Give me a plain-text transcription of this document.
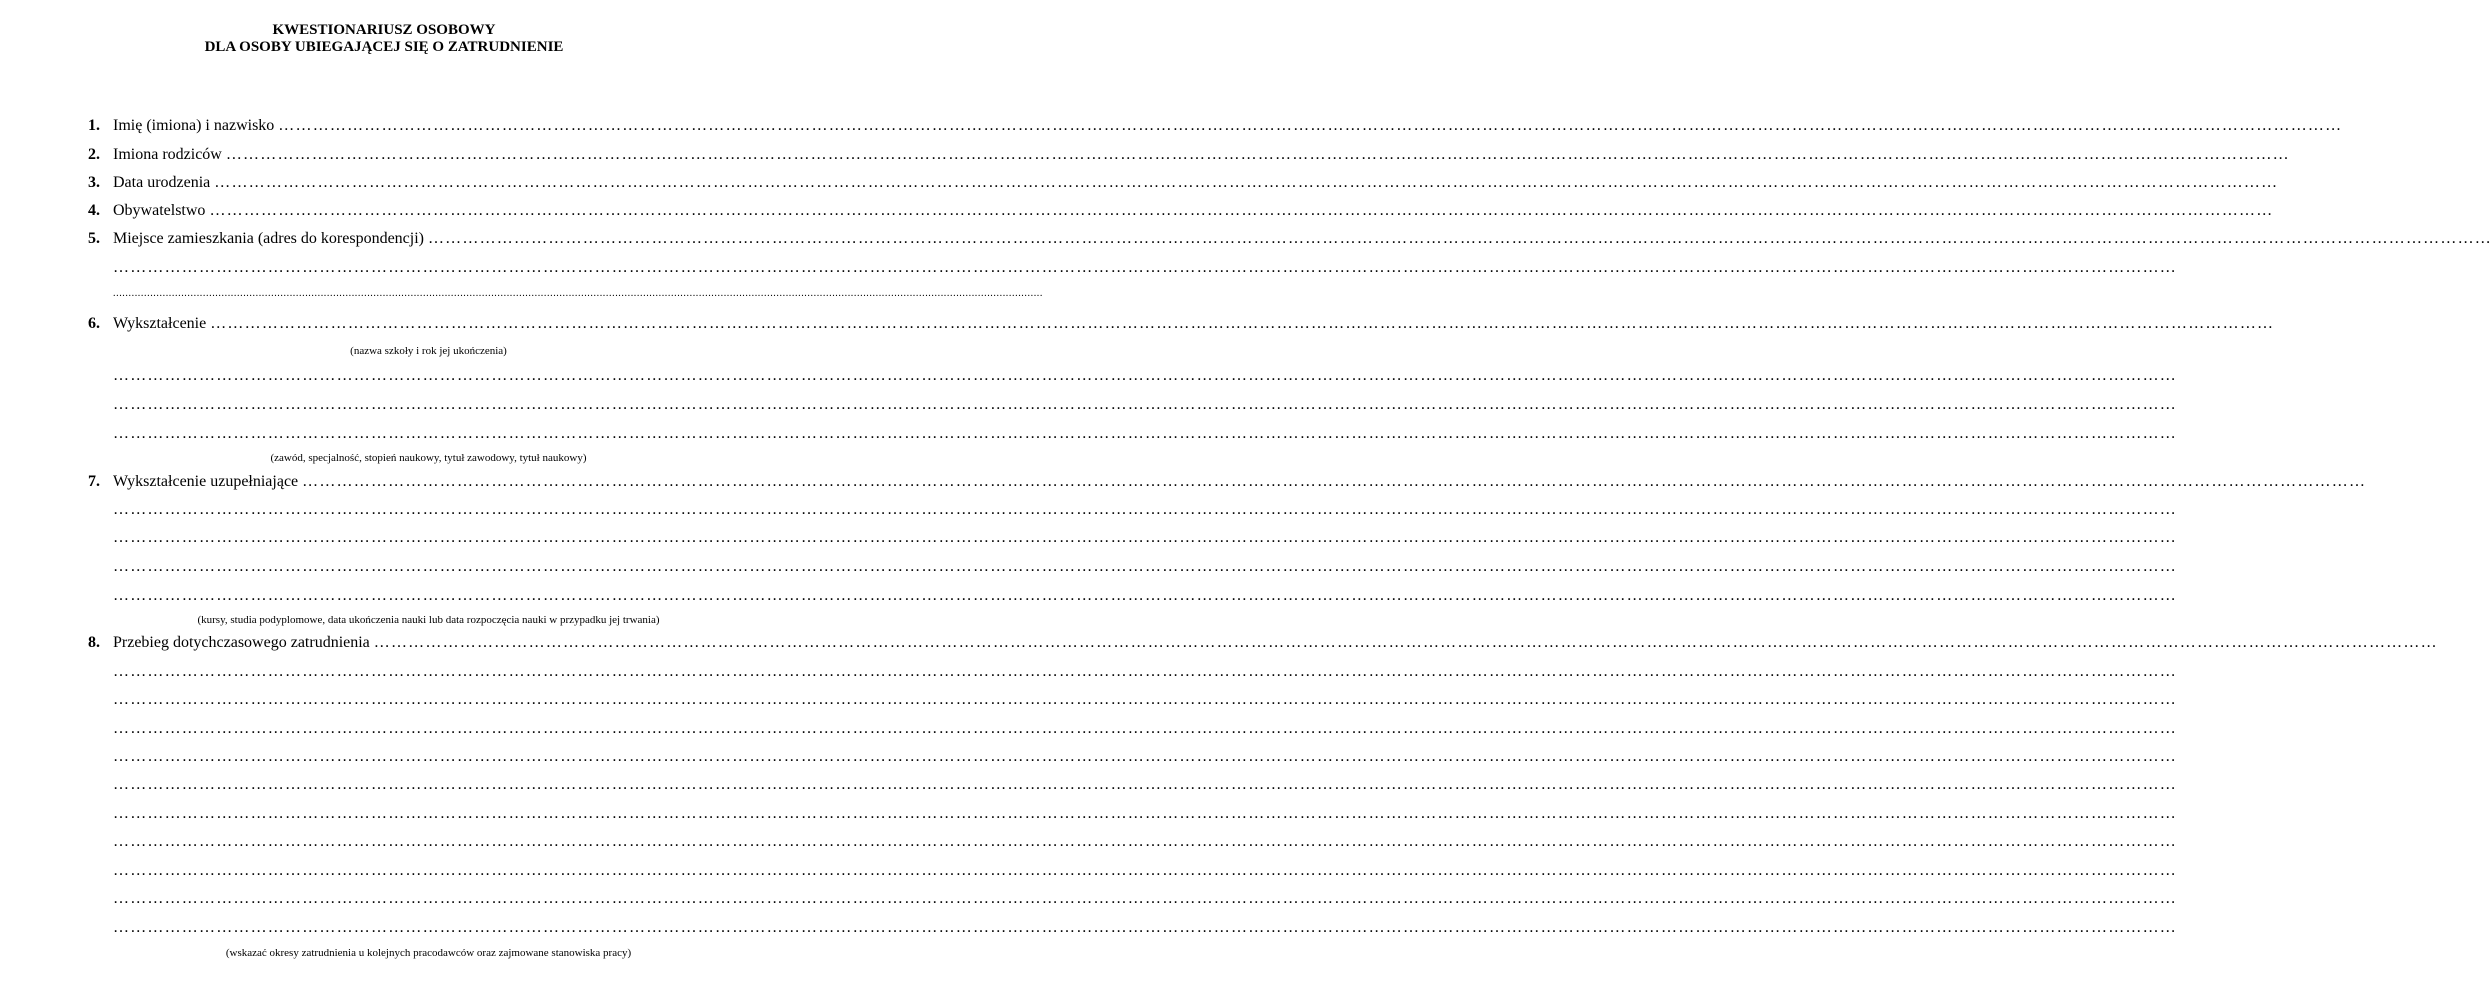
KWESTIONARIUSZ OSOBOWY
DLA OSOBY UBIEGAJĄCEJ SIĘ O ZATRUDNIENIE
1. Imię (imiona) i nazwisko ………………………………………………………………………………………………………………………………………………………………………………………………………………………………………………………………………………………………………………………………
2. Imiona rodziców ………………………………………………………………………………………………………………………………………………………………………………………………………………………………………………………………………………………………………………………………
3. Data urodzenia ………………………………………………………………………………………………………………………………………………………………………………………………………………………………………………………………………………………………………………………………
4. Obywatelstwo ………………………………………………………………………………………………………………………………………………………………………………………………………………………………………………………………………………………………………………………………
5. Miejsce zamieszkania (adres do korespondencji) ………………………………………………………………………………………………………………………………………………………………………………………………………………………………………………………………………………………………………………………………
………………………………………………………………………………………………………………………………………………………………………………………………………………………………………………………………………………………………………………………………
............................................................................................................................................................................................................................................................................................................
6. Wykształcenie ………………………………………………………………………………………………………………………………………………………………………………………………………………………………………………………………………………………………………………………………
(nazwa szkoły i rok jej ukończenia)
………………………………………………………………………………………………………………………………………………………………………………………………………………………………………………………………………………………………………………………………
………………………………………………………………………………………………………………………………………………………………………………………………………………………………………………………………………………………………………………………………
………………………………………………………………………………………………………………………………………………………………………………………………………………………………………………………………………………………………………………………………
(zawód, specjalność, stopień naukowy, tytuł zawodowy, tytuł naukowy)
7. Wykształcenie uzupełniające ………………………………………………………………………………………………………………………………………………………………………………………………………………………………………………………………………………………………………………………………
………………………………………………………………………………………………………………………………………………………………………………………………………………………………………………………………………………………………………………………………
………………………………………………………………………………………………………………………………………………………………………………………………………………………………………………………………………………………………………………………………
………………………………………………………………………………………………………………………………………………………………………………………………………………………………………………………………………………………………………………………………
………………………………………………………………………………………………………………………………………………………………………………………………………………………………………………………………………………………………………………………………
(kursy, studia podyplomowe, data ukończenia nauki lub data rozpoczęcia nauki w przypadku jej trwania)
8. Przebieg dotychczasowego zatrudnienia ………………………………………………………………………………………………………………………………………………………………………………………………………………………………………………………………………………………………………………………………
………………………………………………………………………………………………………………………………………………………………………………………………………………………………………………………………………………………………………………………………
………………………………………………………………………………………………………………………………………………………………………………………………………………………………………………………………………………………………………………………………
………………………………………………………………………………………………………………………………………………………………………………………………………………………………………………………………………………………………………………………………
………………………………………………………………………………………………………………………………………………………………………………………………………………………………………………………………………………………………………………………………
………………………………………………………………………………………………………………………………………………………………………………………………………………………………………………………………………………………………………………………………
………………………………………………………………………………………………………………………………………………………………………………………………………………………………………………………………………………………………………………………………
………………………………………………………………………………………………………………………………………………………………………………………………………………………………………………………………………………………………………………………………
………………………………………………………………………………………………………………………………………………………………………………………………………………………………………………………………………………………………………………………………
………………………………………………………………………………………………………………………………………………………………………………………………………………………………………………………………………………………………………………………………
………………………………………………………………………………………………………………………………………………………………………………………………………………………………………………………………………………………………………………………………
(wskazać okresy zatrudnienia u kolejnych pracodawców oraz zajmowane stanowiska pracy)
